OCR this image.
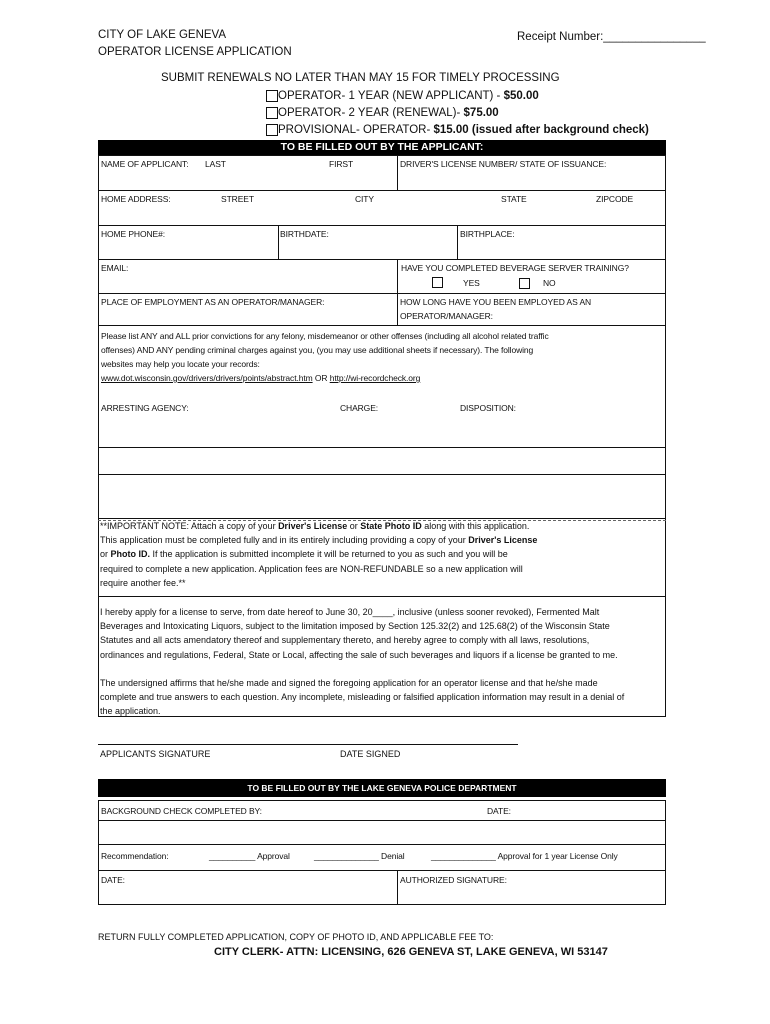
CITY OF LAKE GENEVA
OPERATOR LICENSE APPLICATION
Receipt Number:________________
SUBMIT RENEWALS NO LATER THAN MAY 15 FOR TIMELY PROCESSING
OPERATOR- 1 YEAR (NEW APPLICANT) - $50.00
OPERATOR- 2 YEAR (RENEWAL)- $75.00
PROVISIONAL- OPERATOR- $15.00 (issued after background check)
TO BE FILLED OUT BY THE APPLICANT:
NAME OF APPLICANT: LAST	FIRST	DRIVER'S LICENSE NUMBER/ STATE OF ISSUANCE:
HOME ADDRESS:	STREET	CITY	STATE	ZIPCODE
HOME PHONE#:	BIRTHDATE:	BIRTHPLACE:
EMAIL:	HAVE YOU COMPLETED BEVERAGE SERVER TRAINING?
YES	NO
PLACE OF EMPLOYMENT AS AN OPERATOR/MANAGER:	HOW LONG HAVE YOU BEEN EMPLOYED AS AN
OPERATOR/MANAGER:
Please list ANY and ALL prior convictions for any felony, misdemeanor or other offenses (including all alcohol related traffic
offenses) AND ANY pending criminal charges against you, (you may use additional sheets if necessary). The following
websites may help you locate your records:
www.dot.wisconsin.gov/drivers/drivers/points/abstract.htm OR http://wi-recordcheck.org
ARRESTING AGENCY:	CHARGE:	DISPOSITION:
**IMPORTANT NOTE: Attach a copy of your Driver's License or State Photo ID along with this application.
This application must be completed fully and in its entirely including providing a copy of your Driver's License
or Photo ID. If the application is submitted incomplete it will be returned to you as such and you will be
required to complete a new application. Application fees are NON-REFUNDABLE so a new application will
require another fee.**
I hereby apply for a license to serve, from date hereof to June 30, 20____, inclusive (unless sooner revoked), Fermented Malt
Beverages and Intoxicating Liquors, subject to the limitation imposed by Section 125.32(2) and 125.68(2) of the Wisconsin State
Statutes and all acts amendatory thereof and supplementary thereto, and hereby agree to comply with all laws, resolutions,
ordinances and regulations, Federal, State or Local, affecting the sale of such beverages and liquors if a license be granted to me.
The undersigned affirms that he/she made and signed the foregoing application for an operator license and that he/she made
complete and true answers to each question. Any incomplete, misleading or falsified application information may result in a denial of
the application.
APPLICANTS SIGNATURE	DATE SIGNED
TO BE FILLED OUT BY THE LAKE GENEVA POLICE DEPARTMENT
BACKGROUND CHECK COMPLETED BY:	DATE:
Recommendation:	__________ Approval	______________ Denial	______________ Approval for 1 year License Only
DATE:	AUTHORIZED SIGNATURE:
RETURN FULLY COMPLETED APPLICATION, COPY OF PHOTO ID, AND APPLICABLE FEE TO:
CITY CLERK- ATTN: LICENSING, 626 GENEVA ST, LAKE GENEVA, WI 53147
